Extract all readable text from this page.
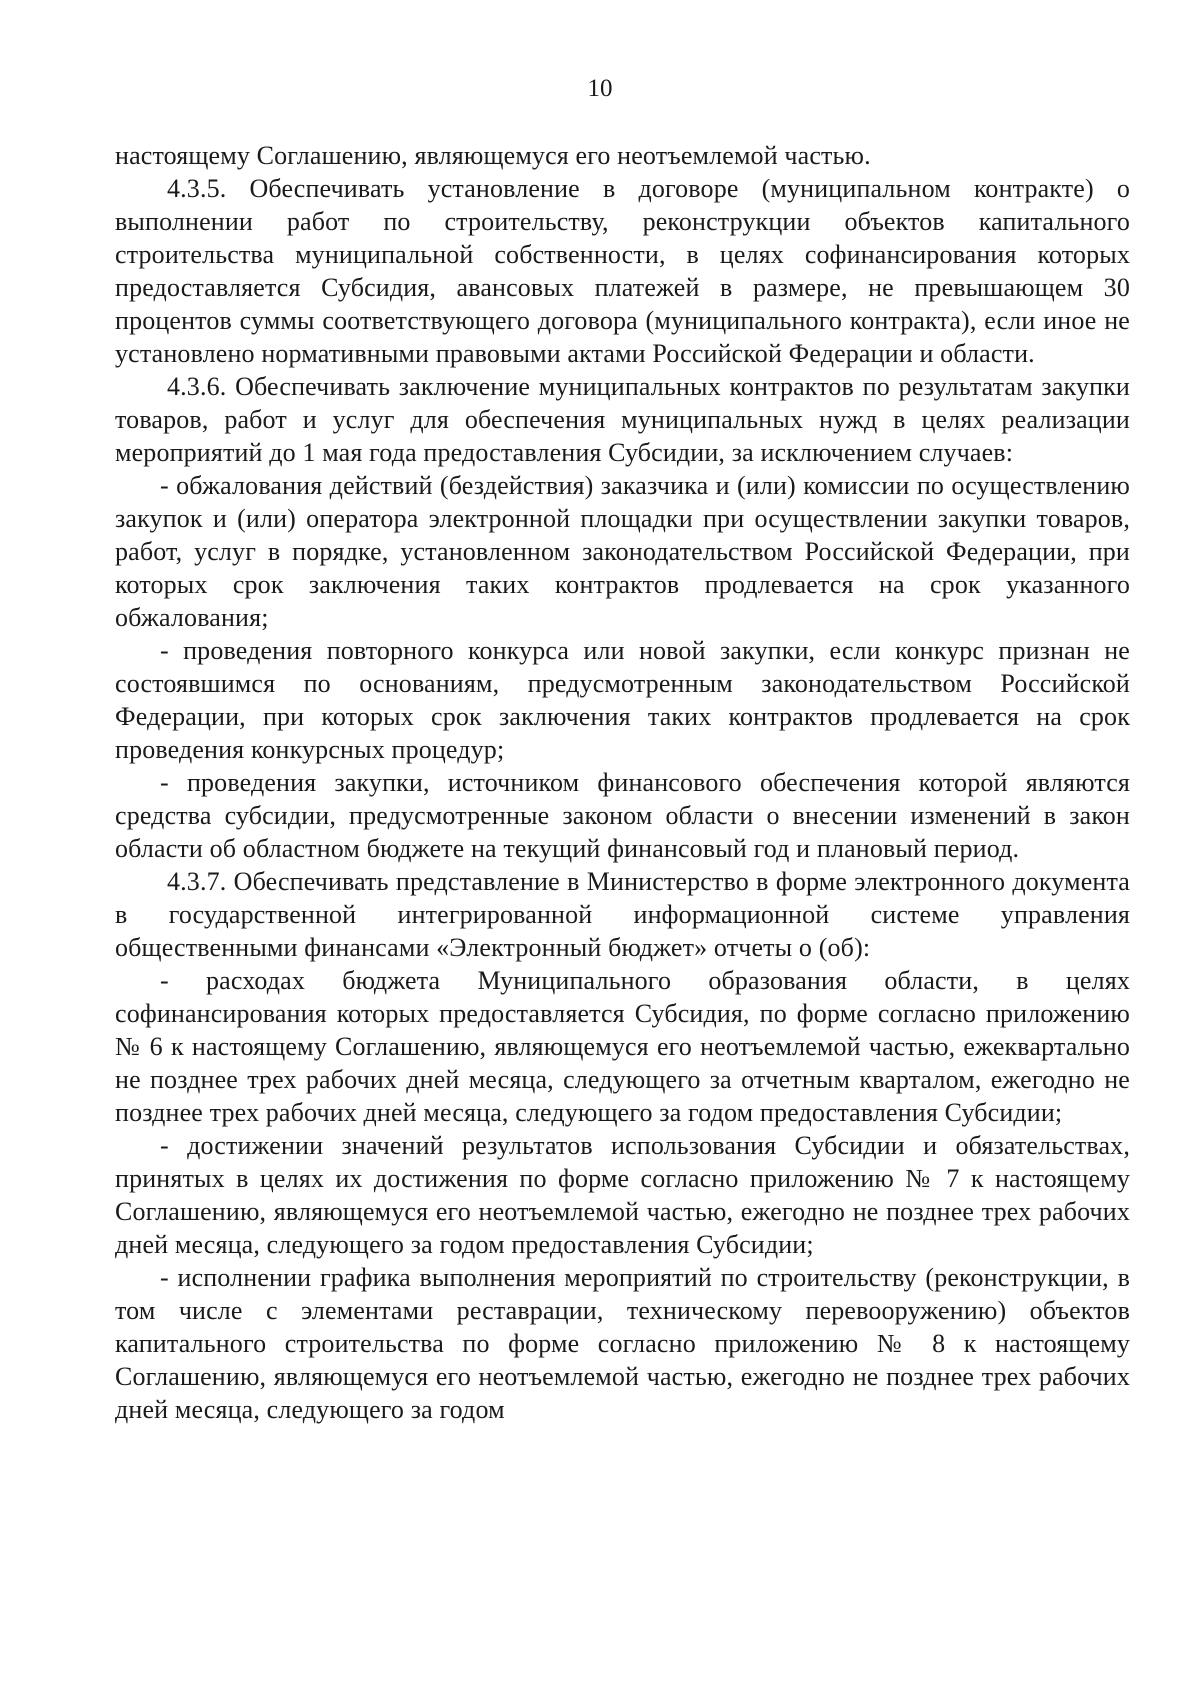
10

настоящему Соглашению, являющемуся его неотъемлемой частью.

4.3.5. Обеспечивать установление в договоре (муниципальном контракте) о выполнении работ по строительству, реконструкции объектов капитального строительства муниципальной собственности, в целях софинансирования которых предоставляется Субсидия, авансовых платежей в размере, не превышающем 30 процентов суммы соответствующего договора (муниципального контракта), если иное не установлено нормативными правовыми актами Российской Федерации и области.

4.3.6. Обеспечивать заключение муниципальных контрактов по результатам закупки товаров, работ и услуг для обеспечения муниципальных нужд в целях реализации мероприятий до 1 мая года предоставления Субсидии, за исключением случаев:

- обжалования действий (бездействия) заказчика и (или) комиссии по осуществлению закупок и (или) оператора электронной площадки при осуществлении закупки товаров, работ, услуг в порядке, установленном законодательством Российской Федерации, при которых срок заключения таких контрактов продлевается на срок указанного обжалования;

- проведения повторного конкурса или новой закупки, если конкурс признан не состоявшимся по основаниям, предусмотренным законодательством Российской Федерации, при которых срок заключения таких контрактов продлевается на срок проведения конкурсных процедур;

- проведения закупки, источником финансового обеспечения которой являются средства субсидии, предусмотренные законом области о внесении изменений в закон области об областном бюджете на текущий финансовый год и плановый период.

4.3.7. Обеспечивать представление в Министерство в форме электронного документа в государственной интегрированной информационной системе управления общественными финансами «Электронный бюджет» отчеты о (об):

- расходах бюджета Муниципального образования области, в целях софинансирования которых предоставляется Субсидия, по форме согласно приложению № 6 к настоящему Соглашению, являющемуся его неотъемлемой частью, ежеквартально не позднее трех рабочих дней месяца, следующего за отчетным кварталом, ежегодно не позднее трех рабочих дней месяца, следующего за годом предоставления Субсидии;

- достижении значений результатов использования Субсидии и обязательствах, принятых в целях их достижения по форме согласно приложению № 7 к настоящему Соглашению, являющемуся его неотъемлемой частью, ежегодно не позднее трех рабочих дней месяца, следующего за годом предоставления Субсидии;

- исполнении графика выполнения мероприятий по строительству (реконструкции, в том числе с элементами реставрации, техническому перевооружению) объектов капитального строительства по форме согласно приложению № 8 к настоящему Соглашению, являющемуся его неотъемлемой частью, ежегодно не позднее трех рабочих дней месяца, следующего за годом
